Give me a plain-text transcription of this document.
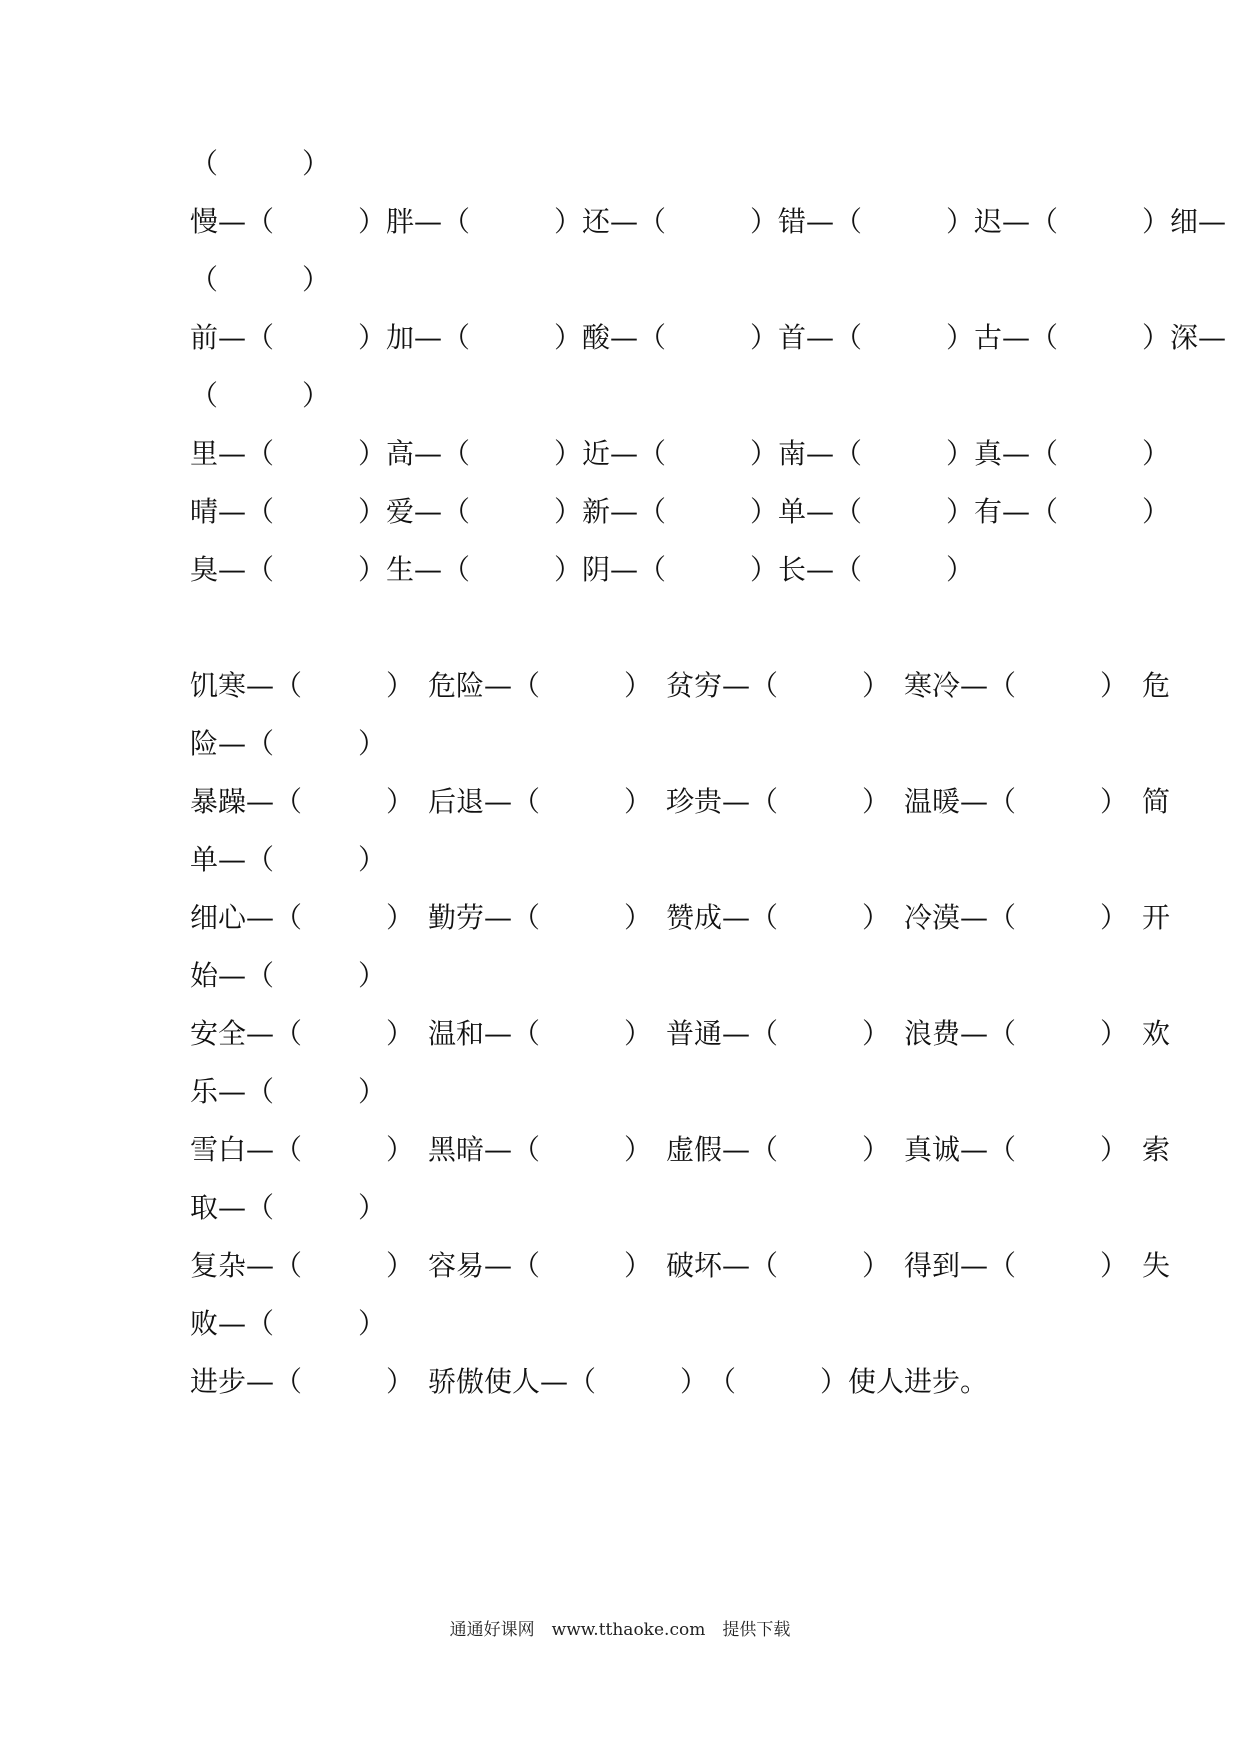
（　　　）
慢—（　　　）胖—（　　　）还—（　　　）错—（　　　）迟—（　　　）细—
（　　　）
前—（　　　）加—（　　　）酸—（　　　）首—（　　　）古—（　　　）深—
（　　　）
里—（　　　）高—（　　　）近—（　　　）南—（　　　）真—（　　　）
晴—（　　　）爱—（　　　）新—（　　　）单—（　　　）有—（　　　）
臭—（　　　）生—（　　　）阴—（　　　）长—（　　　）
饥寒—（　　　）　危险—（　　　）　贫穷—（　　　）　寒冷—（　　　）　危
险—（　　　）
暴躁—（　　　）　后退—（　　　）　珍贵—（　　　）　温暖—（　　　）　简
单—（　　　）
细心—（　　　）　勤劳—（　　　）　赞成—（　　　）　冷漠—（　　　）　开
始—（　　　）
安全—（　　　）　温和—（　　　）　普通—（　　　）　浪费—（　　　）　欢
乐—（　　　）
雪白—（　　　）　黑暗—（　　　）　虚假—（　　　）　真诚—（　　　）　索
取—（　　　）
复杂—（　　　）　容易—（　　　）　破坏—（　　　）　得到—（　　　）　失
败—（　　　）
进步—（　　　）　骄傲使人—（　　　）　（　　　）使人进步。
通通好课网　www.tthaoke.com　提供下载
